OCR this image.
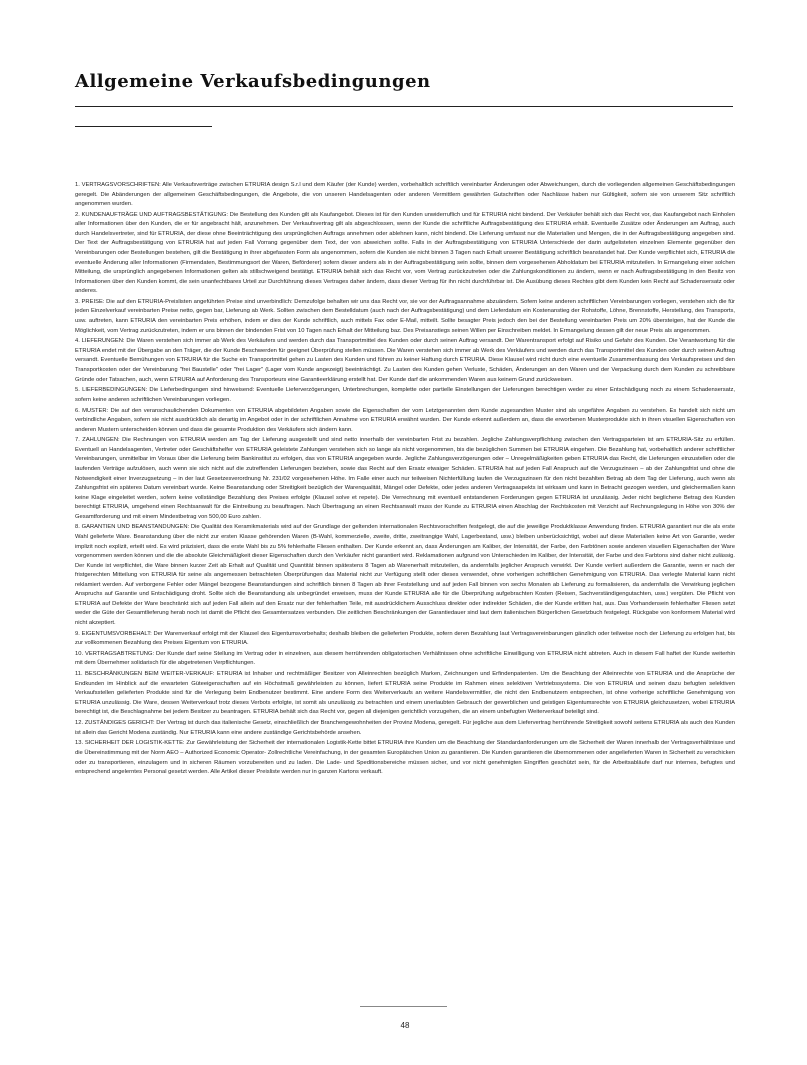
Allgemeine Verkaufsbedingungen

1. VERTRAGSVORSCHRIFTEN: Alle Verkaufsverträge zwischen ETRURIA design S.r.l und dem Käufer (der Kunde) werden, vorbehaltlich schriftlich vereinbarter Änderungen oder Abweichungen, durch die vorliegenden allgemeinen Geschäftsbedingungen geregelt. Die Abänderungen der allgemeinen Geschäftsbedingungen, die Angebote, die von unseren Handelsagenten oder anderen Vermittlern gewährten Gutschriften oder Nachlässe haben nur Gültigkeit, sofern sie von unserem Sitz schriftlich angenommen wurden.

2. KUNDENAUFTRÄGE UND AUFTRAGSBESTÄTIGUNG: Die Bestellung des Kunden gilt als Kaufangebot. Dieses ist für den Kunden unwiderruflich und für ETRURIA nicht bindend. Der Verkäufer behält sich das Recht vor, das Kaufangebot nach Einholen aller Informationen über den Kunden, die er für angebracht hält, anzunehmen. Der Verkaufsvertrag gilt als abgeschlossen, wenn der Kunde die schriftliche Auftragsbestätigung des ETRURIA erhält. Eventuelle Zusätze oder Änderungen am Auftrag, auch durch Handelsvertreter, sind für ETRURIA, der diese ohne Beeinträchtigung des ursprünglichen Auftrags annehmen oder ablehnen kann, nicht bindend. Die Lieferung umfasst nur die Materialien und Mengen, die in der Auftragsbestätigung angegeben sind. Der Text der Auftragsbestätigung von ETRURIA hat auf jeden Fall Vorrang gegenüber dem Text, der von abweichen sollte. Falls in der Auftragsbestätigung von ETRURIA Unterschiede der darin aufgelisteten einzelnen Elemente gegenüber den Vereinbarungen oder Bestellungen bestehen, gilt die Bestätigung in ihrer abgefassten Form als angenommen, sofern die Kunden sie nicht binnen 3 Tagen nach Erhalt unserer Bestätigung schriftlich beanstandet hat. Der Kunde verpflichtet sich, ETRURIA die eventuelle Änderung aller Informationen (Firmendaten, Bestimmungsort der Waren, Beförderer) sofern dieser anders als in der Auftragsbestätigung sein sollte, binnen dem vorgesehenen Abholdatum bei ETRURIA mitzuteilen. In Ermangelung einer solchen Mitteilung, die ursprünglich angegebenen Informationen gelten als stillschweigend bestätigt. ETRURIA behält sich das Recht vor, vom Vertrag zurückzutreten oder die Zahlungskonditionen zu ändern, wenn er nach Auftragsbestätigung in den Besitz von Informationen über den Kunden kommt, die sein unanfechtbares Urteil zur Durchführung dieses Vertrages daher ändern, dass dieser Vertrag für ihn nicht durchführbar ist. Die Ausübung dieses Rechtes gibt dem Kunden kein Recht auf Schadensersatz oder anderes.

3. PREISE: Die auf den ETRURIA-Preislisten angeführten Preise sind unverbindlich: Demzufolge behalten wir uns das Recht vor, sie vor der Auftragsannahme abzuändern. Sofern keine anderen schriftlichen Vereinbarungen vorliegen, verstehen sich die für jeden Einzelverkauf vereinbarten Preise netto, gegen bar, Lieferung ab Werk. Sollten zwischen dem Bestelldatum (auch nach der Auftragsbestätigung) und dem Lieferdatum ein Kostenanstieg der Rohstoffe, Löhne, Brennstoffe, Herstellung, des Transports, usw. auftreten, kann ETRURIA den vereinbarten Preis erhöhen, indem er dies der Kunde schriftlich, auch mittels Fax oder E-Mail, mitteilt. Sollte besagter Preis jedoch den bei der Bestellung vereinbarten Preis um 20% übersteigen, hat der Kunde die Möglichkeit, vom Vertrag zurückzutreten, indem er uns binnen der bindenden Frist von 10 Tagen nach Erhalt der Mitteilung baz. Des Preisanstiegs seinen Willen per Einschreiben meldet. In Ermangelung dessen gilt der neue Preis als angenommen.

4. LIEFERUNGEN: Die Waren verstehen sich immer ab Werk des Verkäufers und werden durch das Transportmittel des Kunden oder durch seinen Auftrag versandt. Der Warentransport erfolgt auf Risiko und Gefahr des Kunden. Die Verantwortung für die ETRURIA endet mit der Übergabe an den Träger, die der Kunde Beschwerden für geeignet Überprüfung stellen müssen. Die Waren verstehen sich immer ab Werk des Verkäufers und werden durch das Transportmittel des Kunden oder durch seinen Auftrag versandt. Eventuelle Bemühungen von ETRURIA für die Suche ein Transportmittel gehen zu Lasten des Kunden und führen zu keiner Haftung durch ETRURIA. Diese Klausel wird nicht durch eine eventuelle Zusammenfassung des Verkaufspreises und den Transportkosten oder der Vereinbarung "frei Baustelle" oder "frei Lager" (Lager vom Kunde angezeigt) beeinträchtigt. Zu Lasten des Kunden gehen Verluste, Schäden, Änderungen an den Waren und der Verpackung durch dem Kunden zu schreibbare Gründe oder Tatsachen, auch, wenn ETRURIA auf Anforderung des Transporteurs eine Garantieerklärung erstellt hat. Der Kunde darf die ankommenden Waren aus keinem Grund zurückweisen.

5. LIEFERBEDINGUNGEN: Die Lieferbedingungen sind hinweisend: Eventuelle Lieferverzögerungen, Unterbrechungen, komplette oder partielle Einstellungen der Lieferungen berechtigen weder zu einer Entschädigung noch zu einem Schadensersatz, sofern keine anderen schriftlichen Vereinbarungen vorliegen.

6. MUSTER: Die auf den veranschaulichenden Dokumenten von ETRURIA abgebildeten Angaben sowie die Eigenschaften der vom Letztgenannten dem Kunde zugesandten Muster sind als ungefähre Angaben zu verstehen. Es handelt sich nicht um verbindliche Angaben, sofern sie nicht ausdrücklich als derartig im Angebot oder in der schriftlichen Annahme von ETRURIA erwähnt wurden. Der Kunde erkennt außerdem an, dass die erworbenen Musterprodukte sich in ihren visuellen Eigenschaften von anderen Mustern unterscheiden können und dass die gesamte Produktion des Verkäufers sich ändern kann.

7. ZAHLUNGEN: Die Rechnungen von ETRURIA werden am Tag der Lieferung ausgestellt und sind netto innerhalb der vereinbarten Frist zu bezahlen. Jegliche Zahlungsverpflichtung zwischen den Vertragsparteien ist am ETRURIA-Sitz zu erfüllen. Eventuell an Handelsagenten, Vertreter oder Geschäftshelfer von ETRURIA geleistete Zahlungen verstehen sich so lange als nicht vorgenommen, bis die bezüglichen Summen bei ETRURIA eingehen. Die Bezahlung hat, vorbehaltlich anderer schriftlicher Vereinbarungen, unmittelbar im Voraus über die Lieferung beim Bankinstitut zu erfolgen, das von ETRURIA angegeben wurde. Jegliche Zahlungsverzögerungen oder – Unregelmäßigkeiten geben ETRURIA das Recht, die Lieferungen einzustellen oder die laufenden Verträge aufzulösen, auch wenn sie sich nicht auf die zutreffenden Lieferungen beziehen, sowie das Recht auf den Ersatz etwaiger Schäden. ETRURIA hat auf jeden Fall Anspruch auf die Verzugszinsen – ab der Zahlungsfrist und ohne die Notwendigkeit einer Inverzugsetzung – in der laut Gesetzesverordnung Nr. 231/02 vorgesehenen Höhe. Im Falle einer auch nur teilweisen Nichterfüllung laufen die Verzugszinsen für den nicht bezahlten Betrag ab dem Tag der Lieferung, auch wenn als Zahlungsfrist ein späteres Datum vereinbart wurde. Keine Beanstandung oder Streitigkeit bezüglich der Warenqualität, Mängel oder Defekte, oder jedes anderen Vertragsaspekts ist wirksam und kann in Betracht gezogen werden, und gleichermaßen kann keine Klage eingeleitet werden, sofern keine vollständige Bezahlung des Preises erfolgte (Klausel solve et repete). Die Verrechnung mit eventuell entstandenen Forderungen gegen ETRURIA ist unzulässig. Jeder nicht beglichene Betrag des Kunden berechtigt ETRURIA, umgehend einen Rechtsanwalt für die Eintreibung zu beauftragen. Nach Übertragung an einen Rechtsanwalt muss der Kunde zu ETRURIA einen Abschlag der Rechtskosten mit Verzicht auf Rechnungslegung in Höhe von 30% der Gesamtforderung und mit einem Mindestbetrag von 500,00 Euro zahlen.

8. GARANTIEN UND BEANSTANDUNGEN: Die Qualität des Keramikmaterials wird auf der Grundlage der geltenden internationalen Rechtsvorschriften festgelegt, die auf die jeweilige Produktklasse Anwendung finden. ETRURIA garantiert nur die als erste Wahl gelieferte Ware. Beanstandung über die nicht zur ersten Klasse gehörenden Waren (B-Wahl, kommerzielle, zweite, dritte, zweitrangige Wahl, Lagerbestand, usw.) bleiben unberücksichtigt, wobei auf diese Materialien keine Art von Garantie, weder implizit noch explizit, erteilt wird. Es wird präzisiert, dass die erste Wahl bis zu 5% fehlerhafte Fliesen enthalten. Der Kunde erkennt an, dass Änderungen am Kaliber, der Intensität, der Farbe, den Farbtönen sowie anderen visuellen Eigenschaften der Ware vorgenommen werden können und die die absolute Gleichmäßigkeit dieser Eigenschaften durch den Verkäufer nicht garantiert wird. Reklamationen aufgrund von Unterschieden im Kaliber, der Intensität, der Farbe und des Farbtons sind daher nicht zulässig. Der Kunde ist verpflichtet, die Ware binnen kurzer Zeit ab Erhalt auf Qualität und Quantität binnen spätestens 8 Tagen ab Warenerhalt mitzuteilen, da andernfalls jeglicher Anspruch verwirkt. Der Kunde verliert außerdem die Garantie, wenn er nach der fristgerechten Mitteilung von ETRURIA für seine als angemessen betrachteten Überprüfungen das Material nicht zur Verfügung stellt oder dieses verwendet, ohne vorherigen schriftlichen Genehmigung von ETRURIA. Das verlegte Material kann nicht reklamiert werden. Auf verborgene Fehler oder Mängel bezogene Beanstandungen sind schriftlich binnen 8 Tagen ab ihrer Feststellung und auf jeden Fall binnen von sechs Monaten ab Lieferung zu formalisieren, da andernfalls die Verwirkung jeglichen Anspruchs auf Garantie und Entschädigung droht. Sollte sich die Beanstandung als unbegründet erweisen, muss der Kunde ETRURIA alle für die Überprüfung aufgebrachten Kosten (Reisen, Sachverständigengutachten, usw.) vergüten. Die Pflicht von ETRURIA auf Defekte der Ware beschränkt sich auf jeden Fall allein auf den Ersatz nur der fehlerhaften Teile, mit ausdrücklichem Ausschluss direkter oder indirekter Schäden, die der Kunde erlitten hat, aus. Das Vorhandensein fehlerhafter Fliesen setzt weder die Güte der Gesamtlieferung herab noch ist damit die Pflicht des Gesamtersatzes verbunden. Die zeitlichen Beschränkungen der Garantiedauer sind laut dem italienischen Bürgerlichen Gesetzbuch festgelegt. Rückgabe von konformem Material wird nicht akzeptiert.

9. EIGENTUMSVORBEHALT: Der Warenverkauf erfolgt mit der Klausel des Eigentumsvorbehalts; deshalb bleiben die gelieferten Produkte, sofern deren Bezahlung laut Vertragsvereinbarungen gänzlich oder teilweise noch der Lieferung zu erfolgen hat, bis zur vollkommenen Bezahlung des Preises Eigentum von ETRURIA.

10. VERTRAGSABTRETUNG: Der Kunde darf seine Stellung im Vertrag oder in einzelnen, aus diesem herrührenden obligatorischen Verhältnissen ohne schriftliche Einwilligung von ETRURIA nicht abtreten. Auch in diesem Fall haftet der Kunde weiterhin mit dem Übernehmer solidarisch für die abgetretenen Verpflichtungen.

11. BESCHRÄNKUNGEN BEIM WEITER-VERKAUF: ETRURIA ist Inhaber und rechtmäßiger Besitzer von Alleinrechten bezüglich Marken, Zeichnungen und Erfindenpatenten. Um die Beachtung der Alleinrechte von ETRURIA und die Ansprüche der Endkunden im Hinblick auf die erwarteten Güteeigenschaften auf ein Höchstmaß gewährleisten zu können, liefert ETRURIA seine Produkte im Rahmen eines selektiven Vertriebssystems. Die von ETRURIA und seinen dazu befugten selektiven Verkaufsstellen gelieferten Produkte sind für die Verlegung beim Endbenutzer bestimmt. Eine andere Form des Weiterverkaufs an weitere Handelsvermittler, die nicht den Endbenutzern entsprechen, ist ohne vorherige schriftliche Genehmigung von ETRURIA unzulässig. Die Ware, dessen Weiterverkauf trotz dieses Verbots erfolgte, ist somit als unzulässig zu betrachten und einem unerlaubten Gebrauch der gewerblichen und geistigen Eigentumsrechte von ETRURIA gleichzusetzen, wobei ETRURIA berechtigt ist, die Beschlagnahme bei jedem Besitzer zu beantragen. ETRURIA behält sich das Recht vor, gegen all diejenigen gerichtlich vorzugehen, die an einem unbefugten Weiterverkauf beteiligt sind.

12. ZUSTÄNDIGES GERICHT: Der Vertrag ist durch das italienische Gesetz, einschließlich der Branchengewohnheiten der Provinz Modena, geregelt. Für jegliche aus dem Liefervertrag herrührende Streitigkeit sowohl seitens ETRURIA als auch des Kunden ist allein das Gericht Modena zuständig. Nur ETRURIA kann eine andere zuständige Gerichtsbehörde ansehen.

13. SICHERHEIT DER LOGISTIK-KETTE: Zur Gewährleistung der Sicherheit der internationalen Logistik-Kette bittet ETRURIA ihre Kunden um die Beachtung der Standardanforderungen um die Sicherheit der Waren innerhalb der Vertragsverhältnisse und die Übereinstimmung mit der Norm AEO – Authorized Economic Operator- Zollrechtliche Vereinfachung, in der gesamten Europäischen Union zu garantieren. Die Kunden garantieren die übernommenen oder angelieferten Waren in Sicherheit zu verschicken oder zu transportieren, einzulagern und in sicheren Räumen vorzubereiten und zu laden. Die Lade- und Speditionsbereiche müssen sicher, und vor nicht genehmigten Eingriffen geschützt sein, für die Arbeitsabläufe darf nur internes, befugtes und entsprechend angelerntes Personal gesetzt werden. Alle Artikel dieser Preisliste werden nur in ganzen Kartons verkauft.

48
